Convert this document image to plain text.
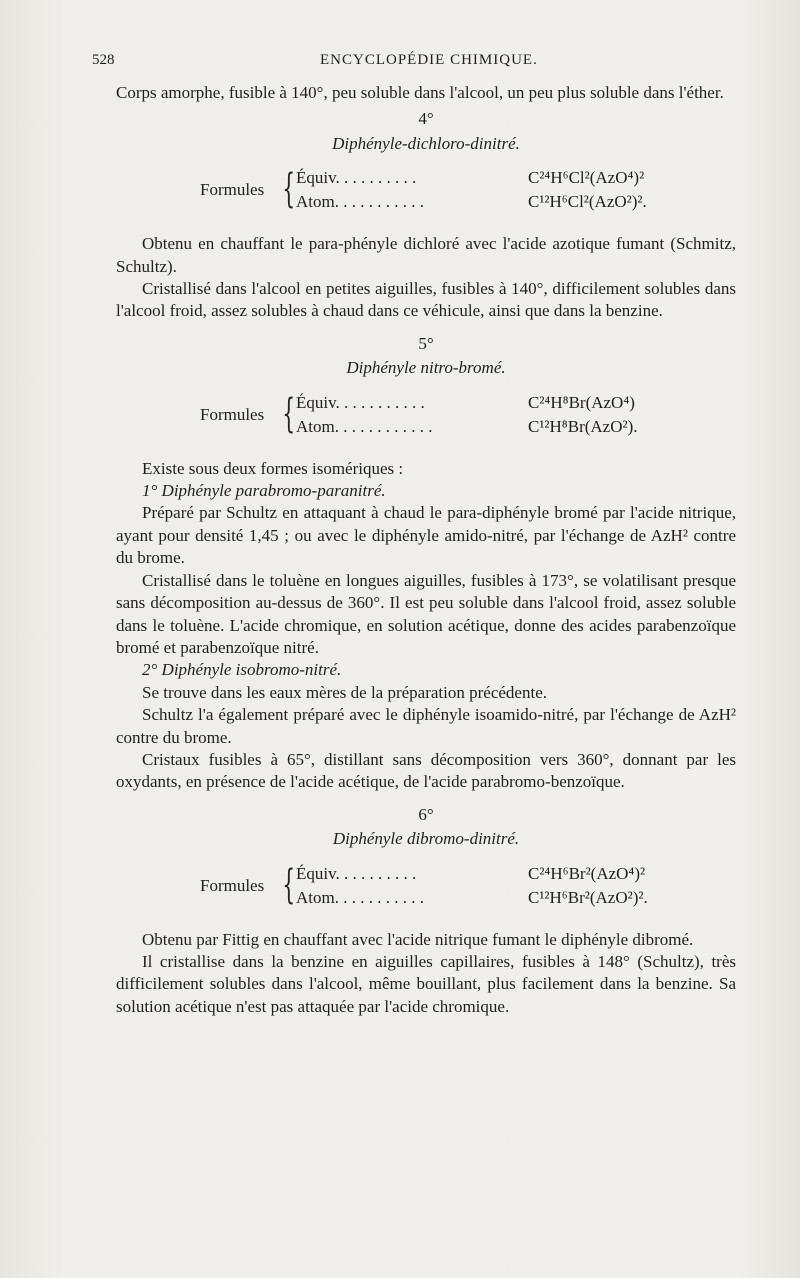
528	ENCYCLOPÉDIE CHIMIQUE.

Corps amorphe, fusible à 140°, peu soluble dans l'alcool, un peu plus soluble dans l'éther.

4°
Diphényle-dichloro-dinitré.
Formules { Équiv. . . . . . . . . .	C²⁴H⁶Cl²(AzO⁴)²
Atom. . . . . . . . . . .	C¹²H⁶Cl²(AzO²)².

Obtenu en chauffant le para-phényle dichloré avec l'acide azotique fumant (Schmitz, Schultz).

Cristallisé dans l'alcool en petites aiguilles, fusibles à 140°, difficilement solubles dans l'alcool froid, assez solubles à chaud dans ce véhicule, ainsi que dans la benzine.

5°
Diphényle nitro-bromé.
Formules { Équiv. . . . . . . . . . .	C²⁴H⁸Br(AzO⁴)
Atom. . . . . . . . . . . .	C¹²H⁸Br(AzO²).

Existe sous deux formes isomériques :

1° Diphényle parabromo-paranitré.

Préparé par Schultz en attaquant à chaud le para-diphényle bromé par l'acide nitrique, ayant pour densité 1,45 ; ou avec le diphényle amido-nitré, par l'échange de AzH² contre du brome.

Cristallisé dans le toluène en longues aiguilles, fusibles à 173°, se volatilisant presque sans décomposition au-dessus de 360°. Il est peu soluble dans l'alcool froid, assez soluble dans le toluène. L'acide chromique, en solution acétique, donne des acides parabenzoïque bromé et parabenzoïque nitré.

2° Diphényle isobromo-nitré.

Se trouve dans les eaux mères de la préparation précédente.

Schultz l'a également préparé avec le diphényle isoamido-nitré, par l'échange de AzH² contre du brome.

Cristaux fusibles à 65°, distillant sans décomposition vers 360°, donnant par les oxydants, en présence de l'acide acétique, de l'acide parabromo-benzoïque.

6°
Diphényle dibromo-dinitré.
Formules { Équiv. . . . . . . . . .	C²⁴H⁶Br²(AzO⁴)²
Atom. . . . . . . . . . .	C¹²H⁶Br²(AzO²)².

Obtenu par Fittig en chauffant avec l'acide nitrique fumant le diphényle dibromé.

Il cristallise dans la benzine en aiguilles capillaires, fusibles à 148° (Schultz), très difficilement solubles dans l'alcool, même bouillant, plus facilement dans la benzine. Sa solution acétique n'est pas attaquée par l'acide chromique.
